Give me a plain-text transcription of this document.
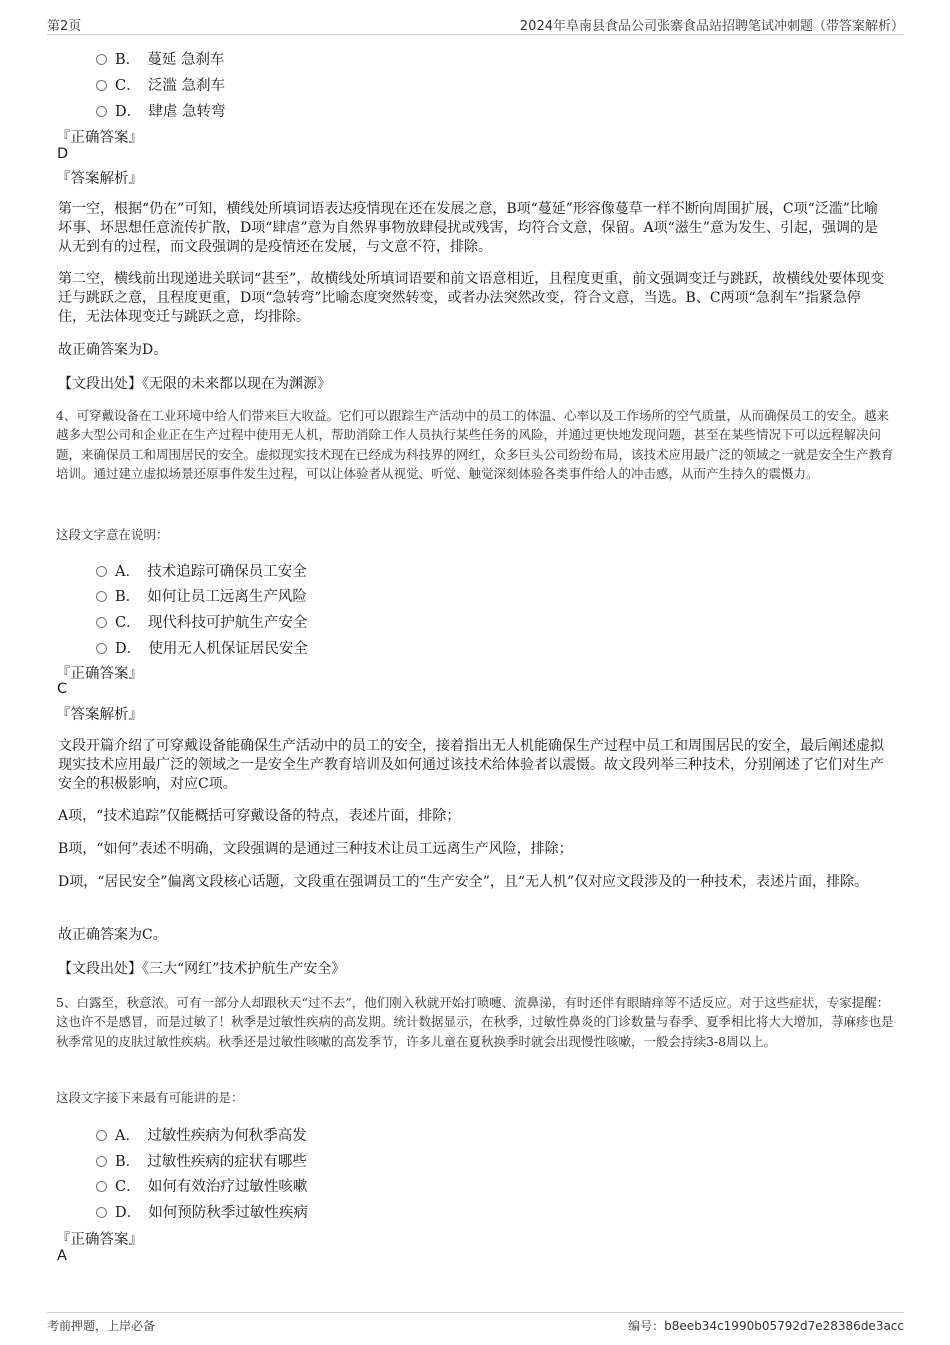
第2页	2024年阜南县食品公司张寨食品站招聘笔试冲刺题（带答案解析）
B．　蔓延 急刹车
C．　泛滥 急刹车
D．　肆虐 急转弯
『正确答案』
D
『答案解析』
第一空，根据“仍在”可知，横线处所填词语表达疫情现在还在发展之意，B项“蔓延”形容像蔓草一样不断向周围扩展，C项“泛滥”比喻坏事、坏思想任意流传扩散，D项“肆虐”意为自然界事物放肆侵扰或残害，均符合文意，保留。A项“滋生”意为发生、引起，强调的是从无到有的过程，而文段强调的是疫情还在发展，与文意不符，排除。
第二空，横线前出现递进关联词“甚至”，故横线处所填词语要和前文语意相近，且程度更重，前文强调变迁与跳跃，故横线处要体现变迁与跳跃之意，且程度更重，D项“急转弯”比喻态度突然转变，或者办法突然改变，符合文意，当选。B、C两项“急刹车”指紧急停住，无法体现变迁与跳跃之意，均排除。
故正确答案为D。
【文段出处】《无限的未来都以现在为渊源》
4、可穿戴设备在工业环境中给人们带来巨大收益。它们可以跟踪生产活动中的员工的体温、心率以及工作场所的空气质量，从而确保员工的安全。越来越多大型公司和企业正在生产过程中使用无人机，帮助消除工作人员执行某些任务的风险，并通过更快地发现问题，甚至在某些情况下可以远程解决问题，来确保员工和周围居民的安全。虚拟现实技术现在已经成为科技界的网红，众多巨头公司纷纷布局，该技术应用最广泛的领域之一就是安全生产教育培训。通过建立虚拟场景还原事件发生过程，可以让体验者从视觉、听觉、触觉深刻体验各类事件给人的冲击感，从而产生持久的震慑力。
这段文字意在说明：
A．　技术追踪可确保员工安全
B．　如何让员工远离生产风险
C．　现代科技可护航生产安全
D．　使用无人机保证居民安全
『正确答案』
C
『答案解析』
文段开篇介绍了可穿戴设备能确保生产活动中的员工的安全，接着指出无人机能确保生产过程中员工和周围居民的安全，最后阐述虚拟现实技术应用最广泛的领域之一是安全生产教育培训及如何通过该技术给体验者以震慑。故文段列举三种技术，分别阐述了它们对生产安全的积极影响，对应C项。
A项，“技术追踪”仅能概括可穿戴设备的特点，表述片面，排除；
B项，“如何”表述不明确，文段强调的是通过三种技术让员工远离生产风险，排除；
D项，“居民安全”偏离文段核心话题，文段重在强调员工的“生产安全”，且“无人机”仅对应文段涉及的一种技术，表述片面，排除。
故正确答案为C。
【文段出处】《三大“网红”技术护航生产安全》
5、白露至，秋意浓。可有一部分人却跟秋天“过不去”，他们刚入秋就开始打喷嚏、流鼻涕，有时还伴有眼睛痒等不适反应。对于这些症状，专家提醒：这也许不是感冒，而是过敏了！秋季是过敏性疾病的高发期。统计数据显示，在秋季，过敏性鼻炎的门诊数量与春季、夏季相比将大大增加，荨麻疹也是秋季常见的皮肤过敏性疾病。秋季还是过敏性咳嗽的高发季节，许多儿童在夏秋换季时就会出现慢性咳嗽，一般会持续3-8周以上。
这段文字接下来最有可能讲的是：
A．　过敏性疾病为何秋季高发
B．　过敏性疾病的症状有哪些
C．　如何有效治疗过敏性咳嗽
D．　如何预防秋季过敏性疾病
『正确答案』
A
考前押题，上岸必备	编号：b8eeb34c1990b05792d7e28386de3acc
